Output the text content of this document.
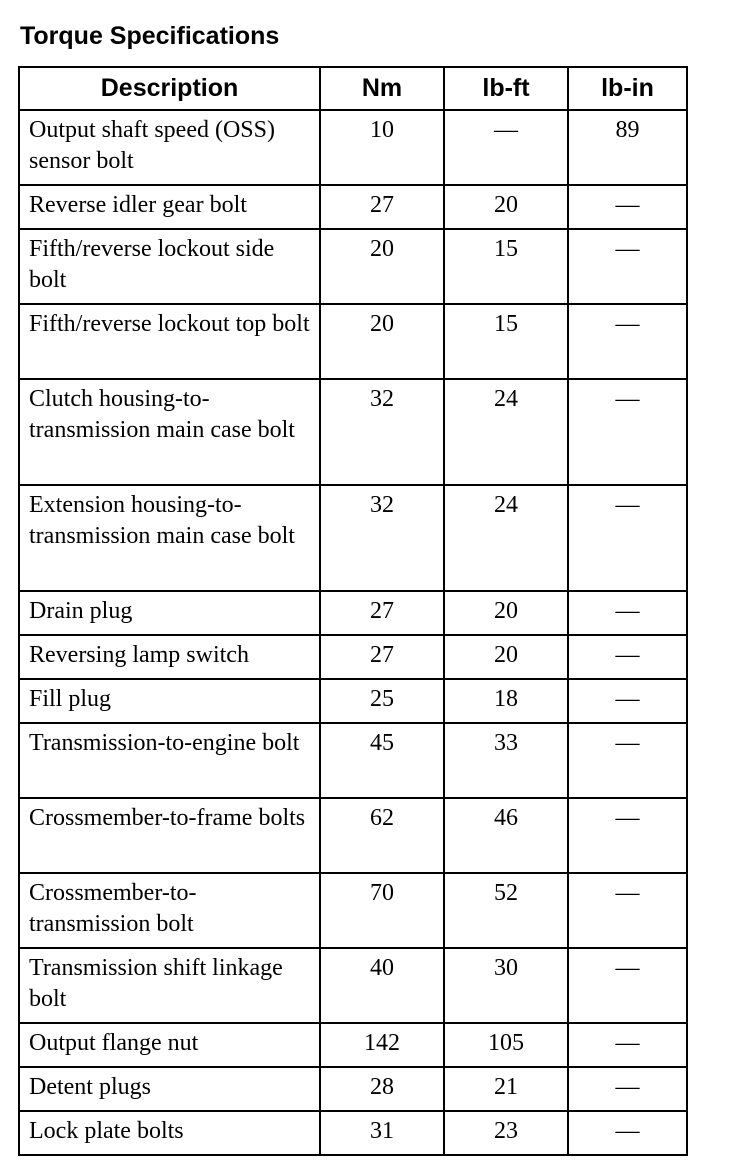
Torque Specifications
Description	Nm	lb-ft	lb-in
Output shaft speed (OSS) sensor bolt	10	—	89
Reverse idler gear bolt	27	20	—
Fifth/reverse lockout side bolt	20	15	—
Fifth/reverse lockout top bolt	20	15	—
Clutch housing-to-transmission main case bolt	32	24	—
Extension housing-to-transmission main case bolt	32	24	—
Drain plug	27	20	—
Reversing lamp switch	27	20	—
Fill plug	25	18	—
Transmission-to-engine bolt	45	33	—
Crossmember-to-frame bolts	62	46	—
Crossmember-to-transmission bolt	70	52	—
Transmission shift linkage bolt	40	30	—
Output flange nut	142	105	—
Detent plugs	28	21	—
Lock plate bolts	31	23	—
